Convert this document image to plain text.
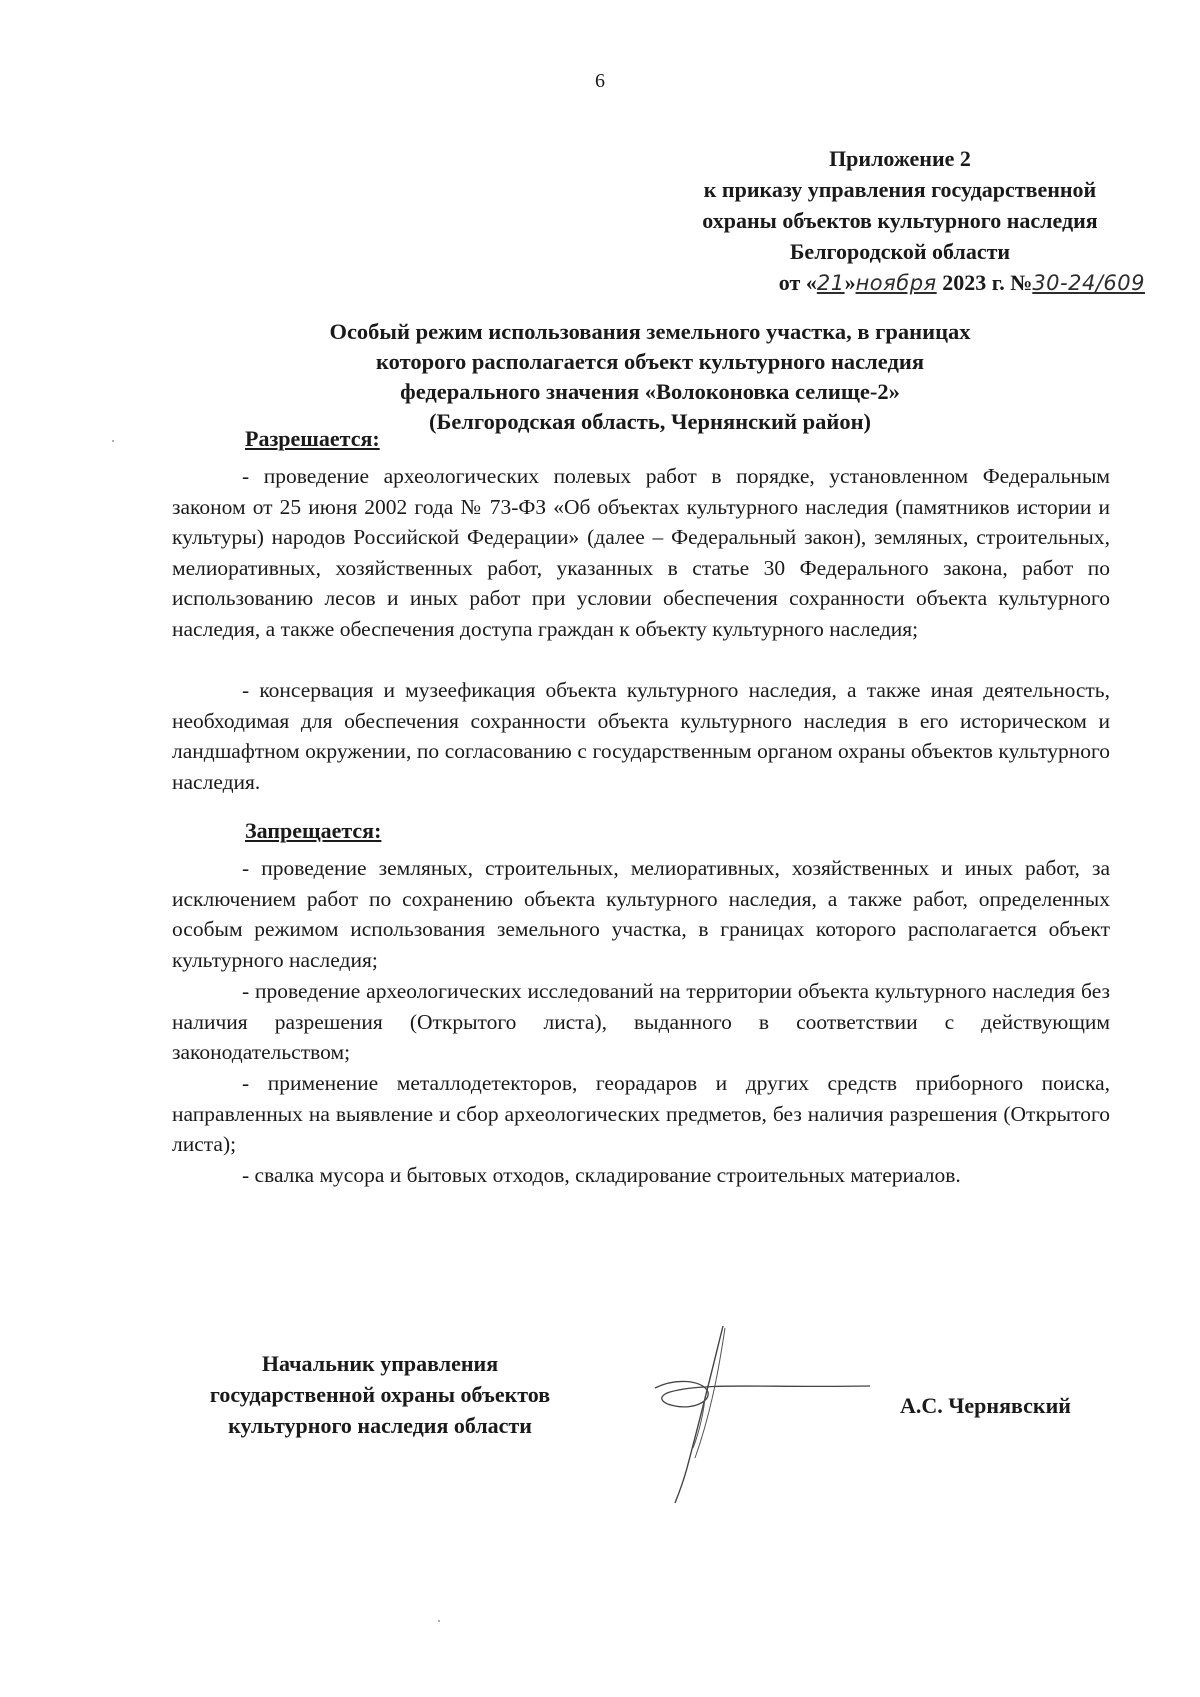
6
Приложение 2
к приказу управления государственной
охраны объектов культурного наследия
Белгородской области
от «21»ноября 2023 г. №30-24/609
Особый режим использования земельного участка, в границах
которого располагается объект культурного наследия
федерального значения «Волоконовка селище-2»
(Белгородская область, Чернянский район)
Разрешается:
- проведение археологических полевых работ в порядке, установленном Федеральным законом от 25 июня 2002 года № 73-ФЗ «Об объектах культурного наследия (памятников истории и культуры) народов Российской Федерации» (далее – Федеральный закон), земляных, строительных, мелиоративных, хозяйственных работ, указанных в статье 30 Федерального закона, работ по использованию лесов и иных работ при условии обеспечения сохранности объекта культурного наследия, а также обеспечения доступа граждан к объекту культурного наследия;
- консервация и музеефикация объекта культурного наследия, а также иная деятельность, необходимая для обеспечения сохранности объекта культурного наследия в его историческом и ландшафтном окружении, по согласованию с государственным органом охраны объектов культурного наследия.
Запрещается:
- проведение земляных, строительных, мелиоративных, хозяйственных и иных работ, за исключением работ по сохранению объекта культурного наследия, а также работ, определенных особым режимом использования земельного участка, в границах которого располагается объект культурного наследия;
- проведение археологических исследований на территории объекта культурного наследия без наличия разрешения (Открытого листа), выданного в соответствии с действующим законодательством;
- применение металлодетекторов, георадаров и других средств приборного поиска, направленных на выявление и сбор археологических предметов, без наличия разрешения (Открытого листа);
- свалка мусора и бытовых отходов, складирование строительных материалов.
Начальник управления
государственной охраны объектов
культурного наследия области
А.С. Чернявский
